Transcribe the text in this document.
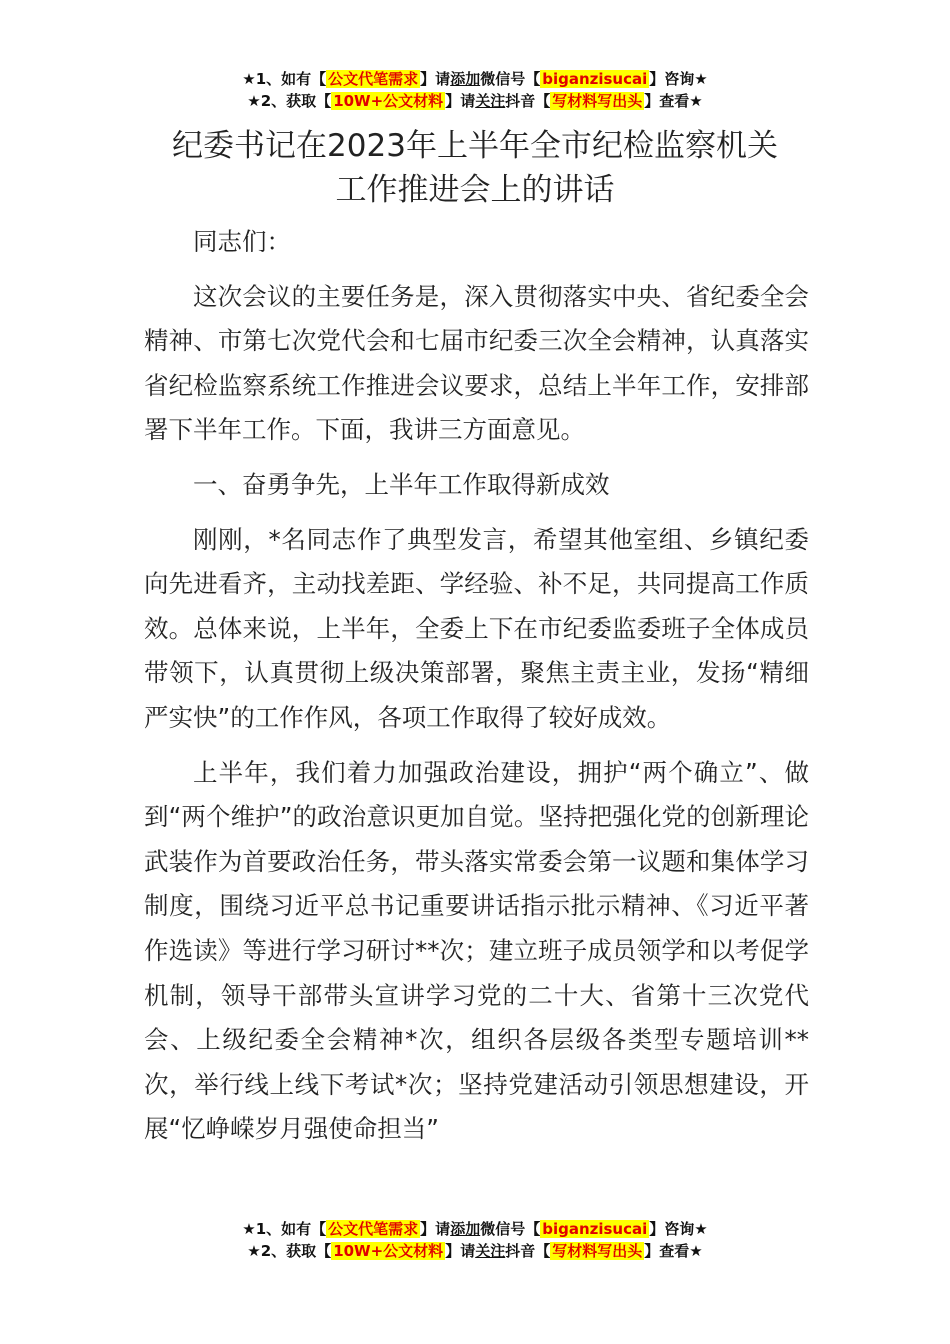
★1、如有【 公文代笔需求 】请添加微信号【 biganzisucai 】咨询★
★2、获取【 10W+公文材料 】请关注抖音【 写材料写出头 】查看★
纪委书记在2023年上半年全市纪检监察机关
工作推进会上的讲话

同志们：

这次会议的主要任务是，深入贯彻落实中央、省纪委全会精神、市第七次党代会和七届市纪委三次全会精神，认真落实省纪检监察系统工作推进会议要求，总结上半年工作，安排部署下半年工作。下面，我讲三方面意见。

一、奋勇争先，上半年工作取得新成效

刚刚，*名同志作了典型发言，希望其他室组、乡镇纪委向先进看齐，主动找差距、学经验、补不足，共同提高工作质效。总体来说，上半年，全委上下在市纪委监委班子全体成员带领下，认真贯彻上级决策部署，聚焦主责主业，发扬“精细严实快”的工作作风，各项工作取得了较好成效。

上半年，我们着力加强政治建设，拥护“两个确立”、做到“两个维护”的政治意识更加自觉。坚持把强化党的创新理论武装作为首要政治任务，带头落实常委会第一议题和集体学习制度，围绕习近平总书记重要讲话指示批示精神、《习近平著作选读》等进行学习研讨**次；建立班子成员领学和以考促学机制，领导干部带头宣讲学习党的二十大、省第十三次党代会、上级纪委全会精神*次，组织各层级各类型专题培训**次，举行线上线下考试*次；坚持党建活动引领思想建设，开展“忆峥嵘岁月强使命担当”

★1、如有【 公文代笔需求 】请添加微信号【 biganzisucai 】咨询★
★2、获取【 10W+公文材料 】请关注抖音【 写材料写出头 】查看★
